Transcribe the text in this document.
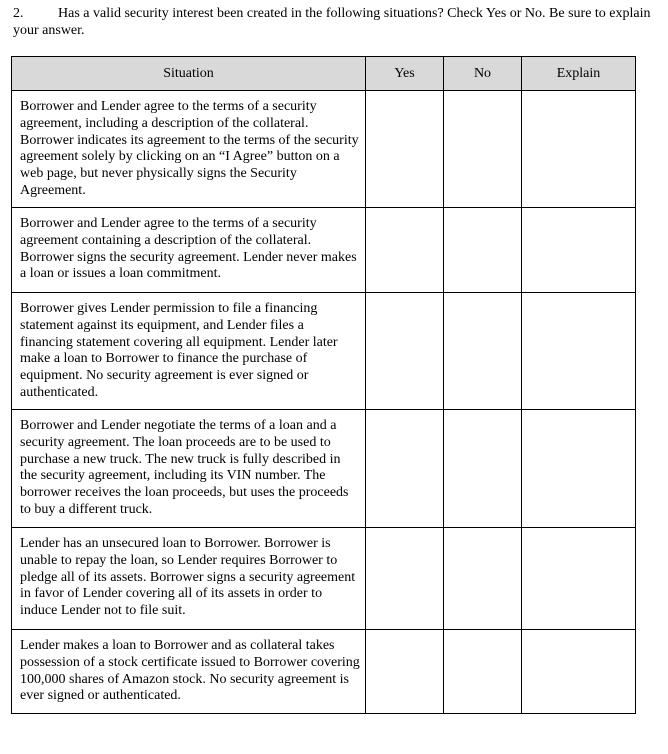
2. Has a valid security interest been created in the following situations? Check Yes or No. Be sure to explain your answer.
Situation	Yes	No	Explain
Borrower and Lender agree to the terms of a security agreement, including a description of the collateral. Borrower indicates its agreement to the terms of the security agreement solely by clicking on an “I Agree” button on a web page, but never physically signs the Security Agreement.			
Borrower and Lender agree to the terms of a security agreement containing a description of the collateral. Borrower signs the security agreement. Lender never makes a loan or issues a loan commitment.			
Borrower gives Lender permission to file a financing statement against its equipment, and Lender files a financing statement covering all equipment. Lender later make a loan to Borrower to finance the purchase of equipment. No security agreement is ever signed or authenticated.			
Borrower and Lender negotiate the terms of a loan and a security agreement. The loan proceeds are to be used to purchase a new truck. The new truck is fully described in the security agreement, including its VIN number. The borrower receives the loan proceeds, but uses the proceeds to buy a different truck.			
Lender has an unsecured loan to Borrower. Borrower is unable to repay the loan, so Lender requires Borrower to pledge all of its assets. Borrower signs a security agreement in favor of Lender covering all of its assets in order to induce Lender not to file suit.			
Lender makes a loan to Borrower and as collateral takes possession of a stock certificate issued to Borrower covering 100,000 shares of Amazon stock. No security agreement is ever signed or authenticated.			
